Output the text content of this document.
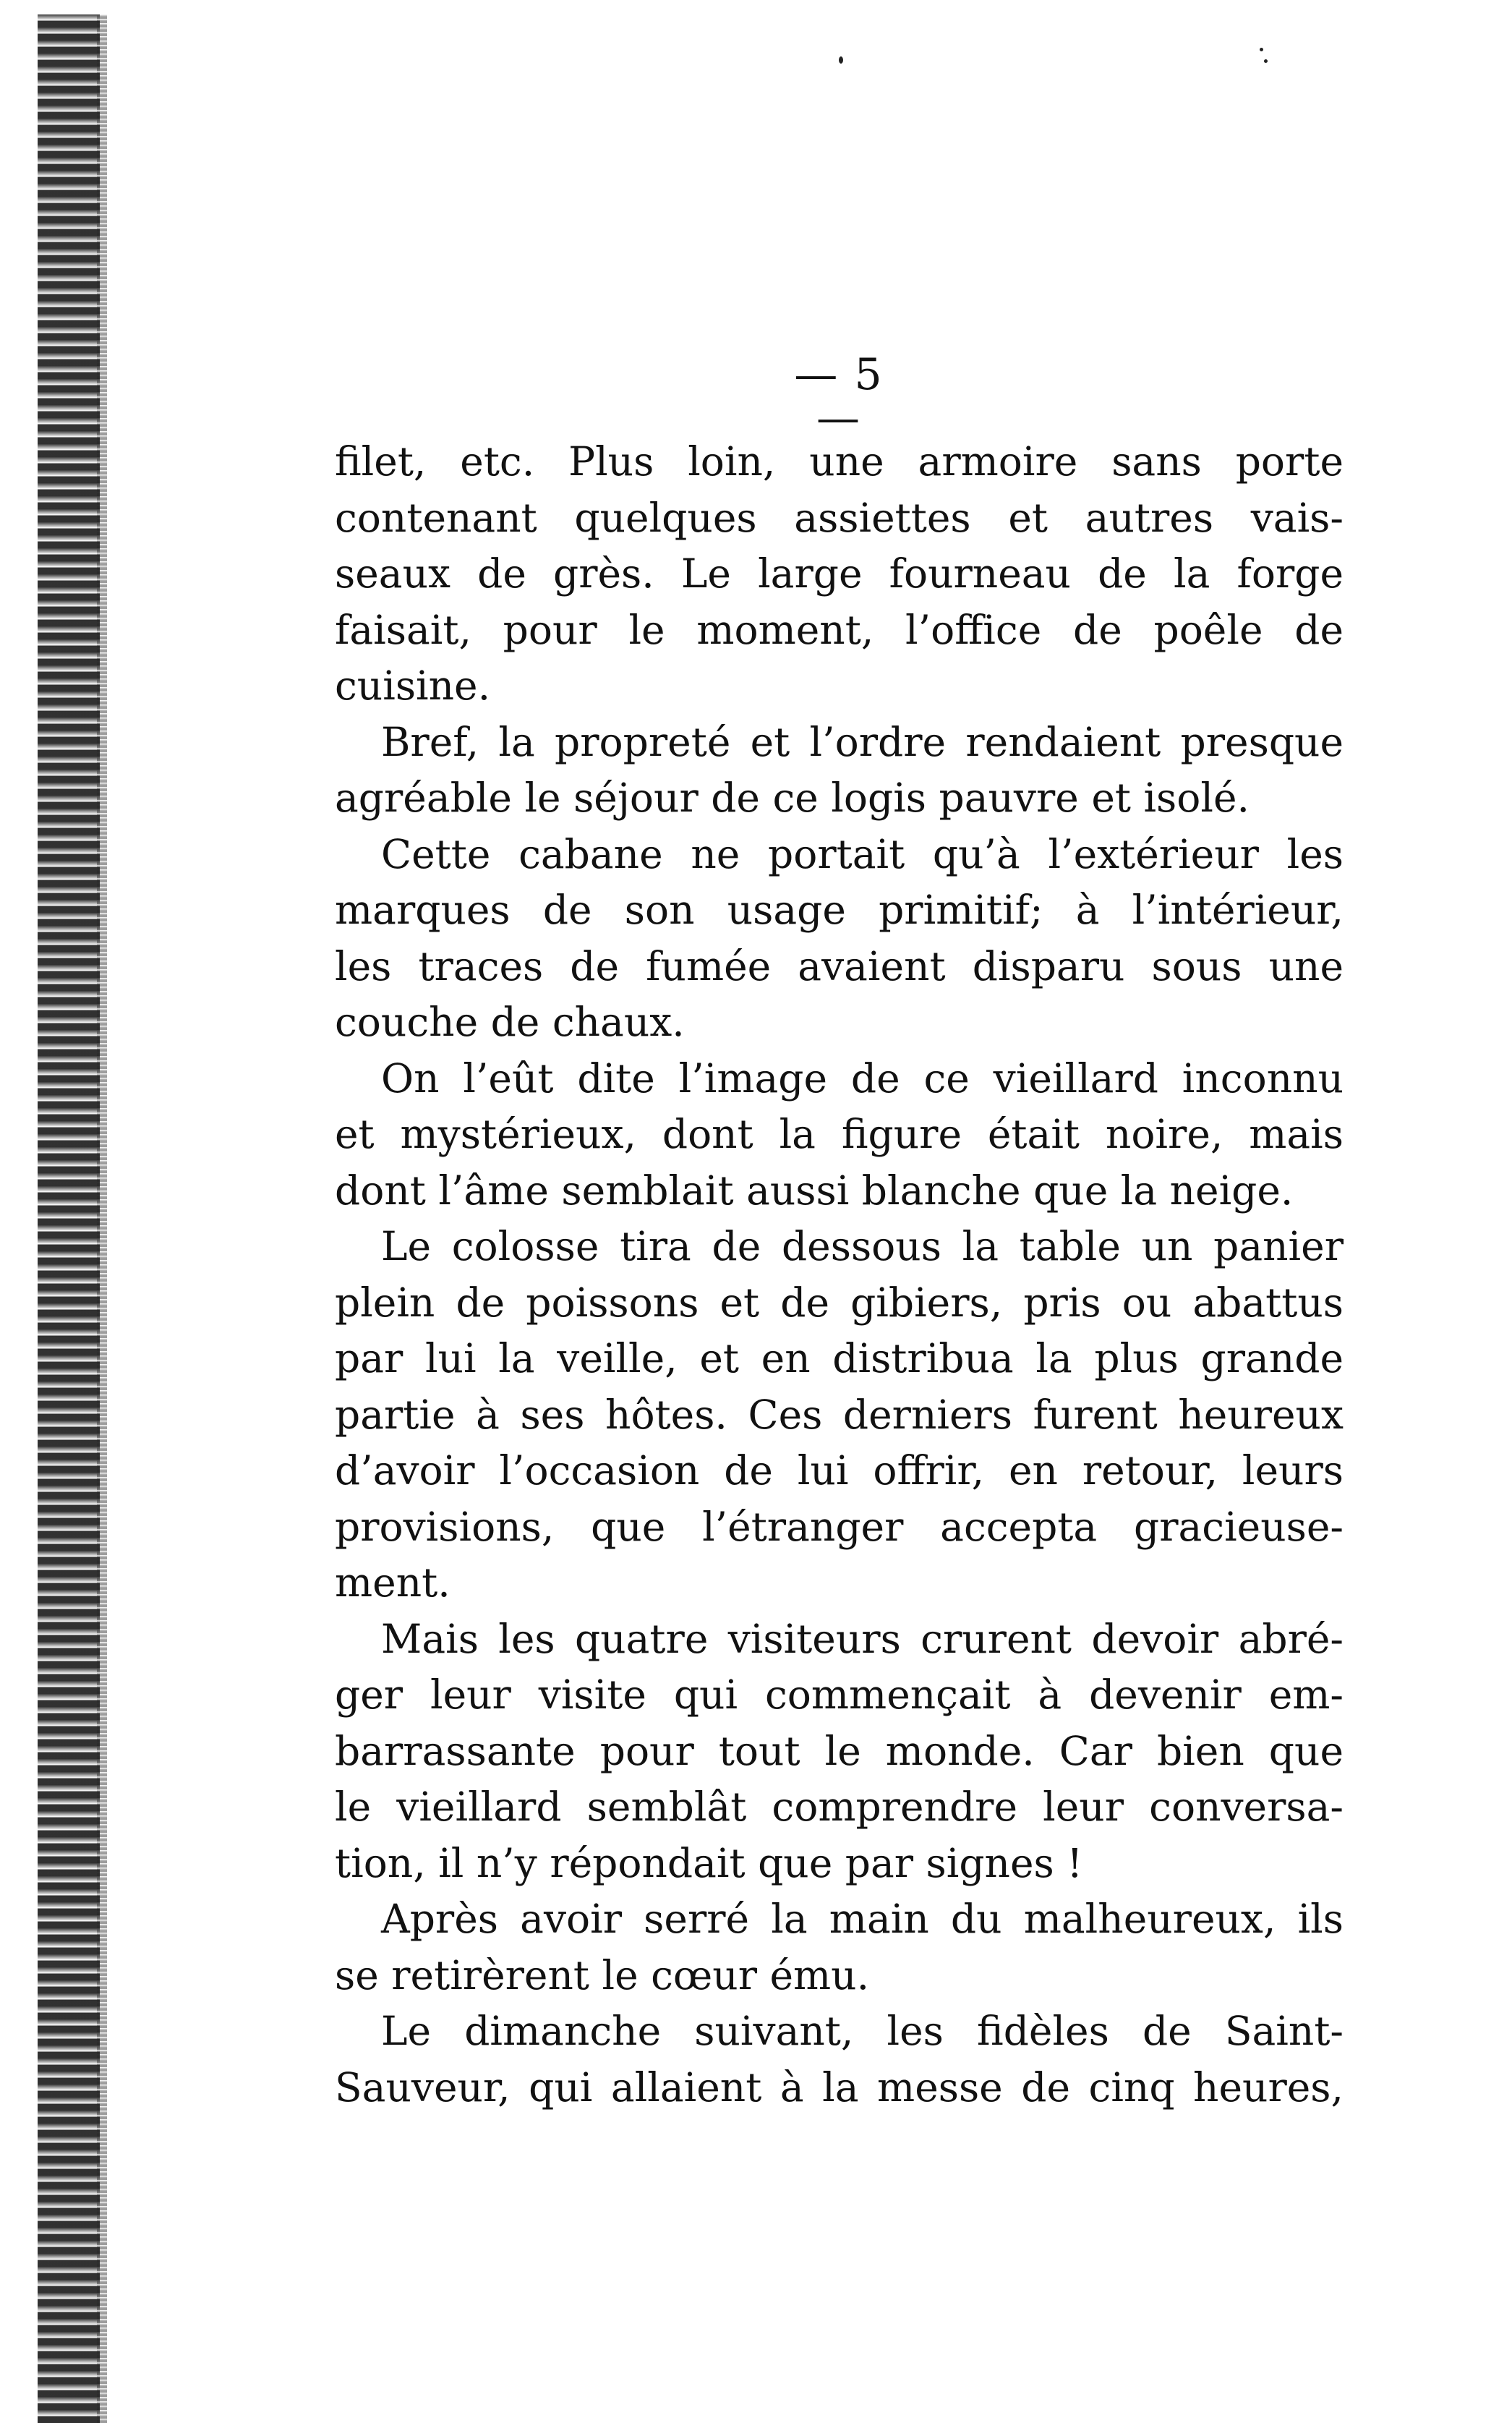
— 5 —
filet, etc. Plus loin, une armoire sans porte
contenant quelques assiettes et autres vais-
seaux de grès. Le large fourneau de la forge
faisait, pour le moment, l’office de poêle de
cuisine.
Bref, la propreté et l’ordre rendaient presque
agréable le séjour de ce logis pauvre et isolé.
Cette cabane ne portait qu’à l’extérieur les
marques de son usage primitif; à l’intérieur,
les traces de fumée avaient disparu sous une
couche de chaux.
On l’eût dite l’image de ce vieillard inconnu
et mystérieux, dont la figure était noire, mais
dont l’âme semblait aussi blanche que la neige.
Le colosse tira de dessous la table un panier
plein de poissons et de gibiers, pris ou abattus
par lui la veille, et en distribua la plus grande
partie à ses hôtes. Ces derniers furent heureux
d’avoir l’occasion de lui offrir, en retour, leurs
provisions, que l’étranger accepta gracieuse-
ment.
Mais les quatre visiteurs crurent devoir abré-
ger leur visite qui commençait à devenir em-
barrassante pour tout le monde. Car bien que
le vieillard semblât comprendre leur conversa-
tion, il n’y répondait que par signes !
Après avoir serré la main du malheureux, ils
se retirèrent le cœur ému.
Le dimanche suivant, les fidèles de Saint-
Sauveur, qui allaient à la messe de cinq heures,
